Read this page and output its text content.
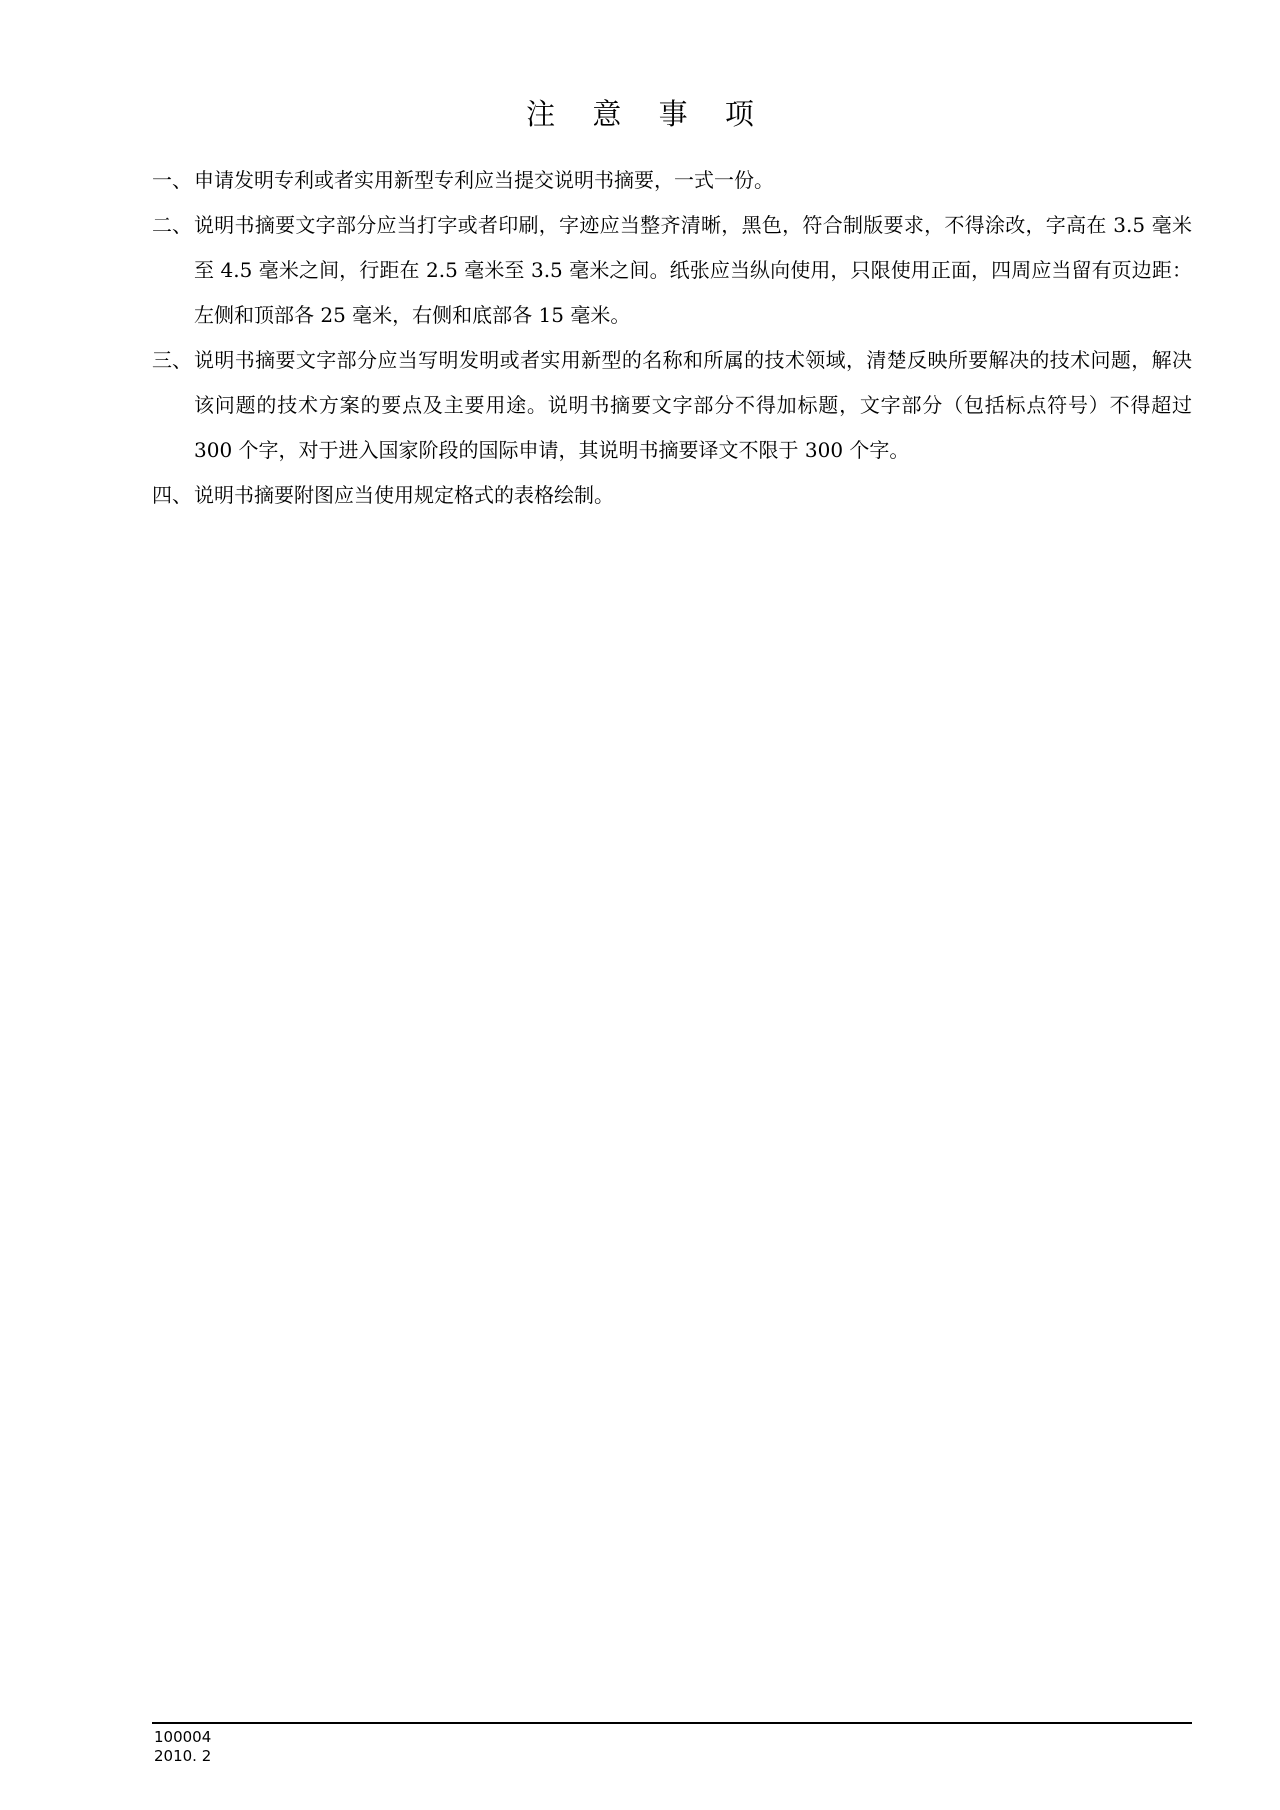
注 意 事 项
一、 申请发明专利或者实用新型专利应当提交说明书摘要，一式一份。
二、 说明书摘要文字部分应当打字或者印刷，字迹应当整齐清晰，黑色，符合制版要求，不得涂改，字高在 3.5 毫米至 4.5 毫米之间，行距在 2.5 毫米至 3.5 毫米之间。纸张应当纵向使用，只限使用正面，四周应当留有页边距：左侧和顶部各 25 毫米，右侧和底部各 15 毫米。
三、 说明书摘要文字部分应当写明发明或者实用新型的名称和所属的技术领域，清楚反映所要解决的技术问题，解决该问题的技术方案的要点及主要用途。说明书摘要文字部分不得加标题，文字部分（包括标点符号）不得超过 300 个字，对于进入国家阶段的国际申请，其说明书摘要译文不限于 300 个字。
四、 说明书摘要附图应当使用规定格式的表格绘制。
100004
2010. 2
